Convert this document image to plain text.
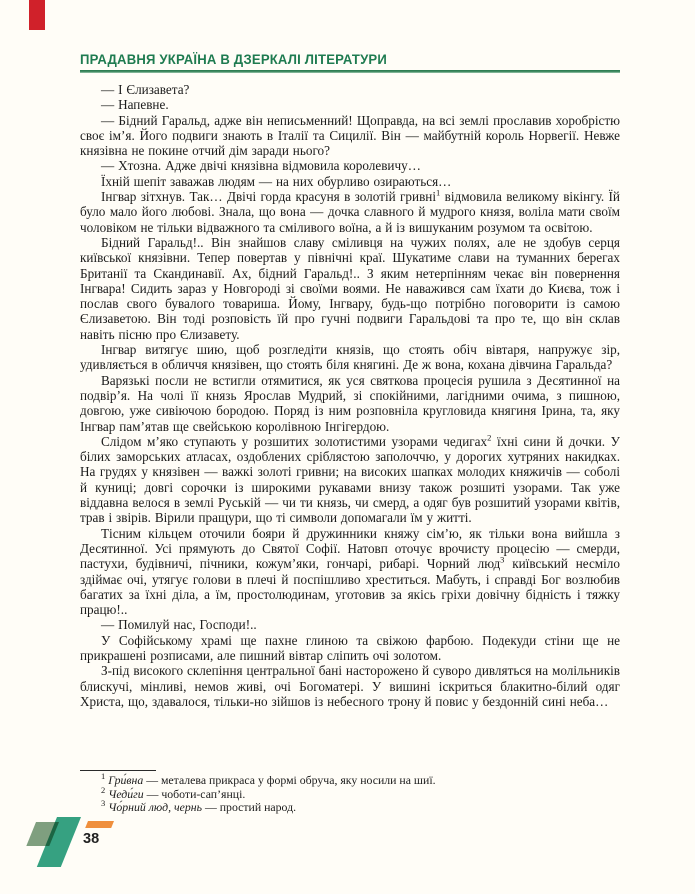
ПРАДАВНЯ УКРАЇНА В ДЗЕРКАЛІ ЛІТЕРАТУРИ

— І Єлизавета?

— Напевне.

— Бідний Гаральд, адже він неписьменний! Щоправда, на всі землі прославив хоробрістю своє ім’я. Його подвиги знають в Італії та Сицилії. Він — майбутній король Норвегії. Невже князівна не покине отчий дім заради нього?

— Хтозна. Адже двічі князівна відмовила королевичу…

Їхній шепіт заважав людям — на них обурливо озираються…

Інгвар зітхнув. Так… Двічі горда красуня в золотій гривні$^1$ відмовила великому вікінгу. Їй було мало його любові. Знала, що вона — дочка славного й мудрого князя, воліла мати своїм чоловіком не тільки відважного та сміливого воїна, а й із вишуканим розумом та освітою.

Бідний Гаральд!.. Він знайшов славу сміливця на чужих полях, але не здобув серця київської князівни. Тепер повертав у північні краї. Шукатиме слави на туманних берегах Британії та Скандинавії. Ах, бідний Гаральд!.. З яким нетерпінням чекає він повернення Інгвара! Сидить зараз у Новгороді зі своїми воями. Не наважився сам їхати до Києва, тож і послав свого бувалого товариша. Йому, Інгвару, будь-що потрібно поговорити із самою Єлизаветою. Він тоді розповість їй про гучні подвиги Гаральдові та про те, що він склав навіть пісню про Єлизавету.

Інгвар витягує шию, щоб розгледіти князів, що стоять обіч вівтаря, напружує зір, удивляється в обличчя князівен, що стоять біля княгині. Де ж вона, кохана дівчина Гаральда?

Варязькі посли не встигли отямитися, як уся святкова процесія рушила з Десятинної на подвір’я. На чолі її князь Ярослав Мудрий, зі спокійними, лагідними очима, з пишною, довгою, уже сивіючою бородою. Поряд із ним розповніла кругловида княгиня Ірина, та, яку Інгвар пам’ятав ще свейською королівною Інгігердою.

Слідом м’яко ступають у розшитих золотистими узорами чедигах$^2$ їхні сини й дочки. У білих заморських атласах, оздоблених сріблястою заполоччю, у дорогих хутряних накидках. На грудях у князівен — важкі золоті гривни; на високих шапках молодих княжичів — соболі й куниці; довгі сорочки із широкими рукавами внизу також розшиті узорами. Так уже віддавна велося в землі Руській — чи ти князь, чи смерд, а одяг був розшитий узорами квітів, трав і звірів. Вірили пращури, що ті символи допомагали їм у житті.

Тісним кільцем оточили бояри й дружинники княжу сім’ю, як тільки вона вийшла з Десятинної. Усі прямують до Святої Софії. Натовп оточує врочисту процесію — смерди, пастухи, будівничі, пічники, кожум’яки, гончарі, рибарі. Чорний люд$^3$ київський несміло здіймає очі, утягує голови в плечі й поспішливо хреститься. Мабуть, і справді Бог возлюбив багатих за їхні діла, а їм, простолюдинам, уготовив за якісь гріхи довічну бідність і тяжку працю!..

— Помилуй нас, Господи!..

У Софійському храмі ще пахне глиною та свіжою фарбою. Подекуди стіни ще не прикрашені розписами, але пишний вівтар сліпить очі золотом.

З-під високого склепіння центральної бані насторожено й суворо дивляться на молільників блискучі, мінливі, немов живі, очі Богоматері. У вишині іскриться блакитно-білий одяг Христа, що, здавалося, тільки-но зійшов із небесного трону й повис у бездонній сині неба…

$^1$ Гри́вна — металева прикраса у формі обруча, яку носили на шиї.

$^2$ Чеди́ги — чоботи-сап’янці.

$^3$ Чо́рний люд, чернь — простий народ.

38
